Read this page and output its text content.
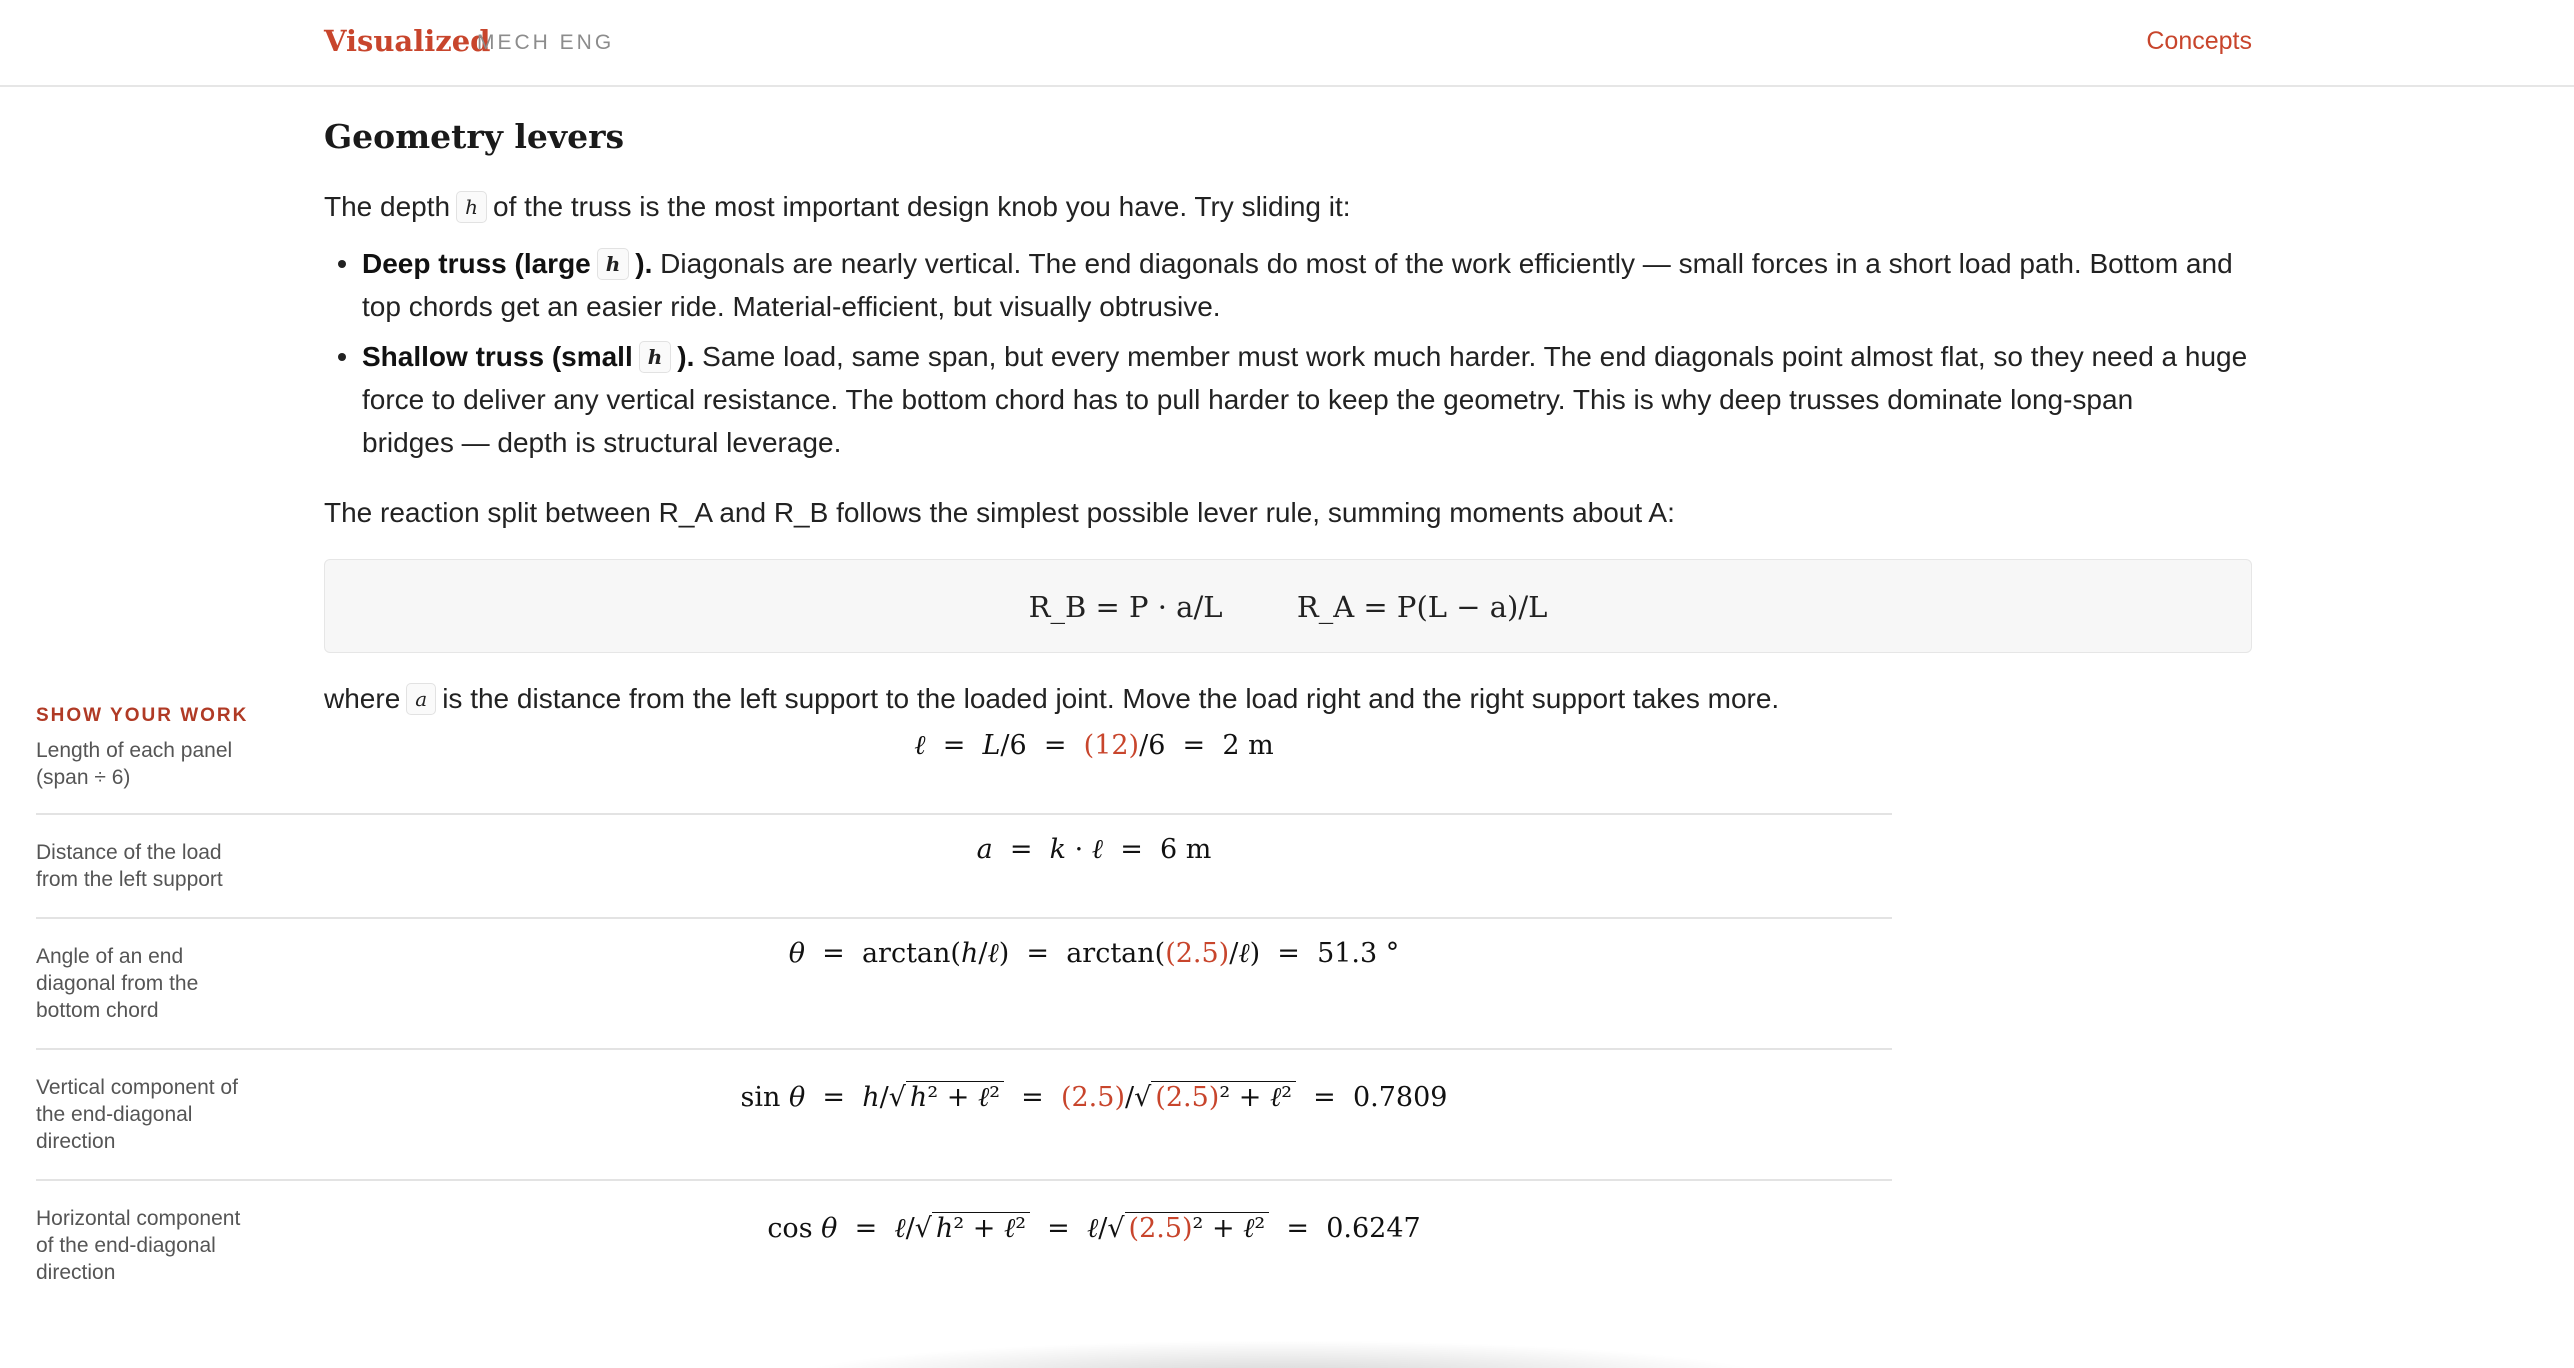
Visualized
MECH ENG	Concepts
Geometry levers
The depth h of the truss is the most important design knob you have. Try sliding it:
Deep truss (large h ). Diagonals are nearly vertical. The end diagonals do most of the work efficiently — small forces in a short load path. Bottom and
top chords get an easier ride. Material-efficient, but visually obtrusive.
Shallow truss (small h ). Same load, same span, but every member must work much harder. The end diagonals point almost flat, so they need a huge
force to deliver any vertical resistance. The bottom chord has to pull harder to keep the geometry. This is why deep trusses dominate long-span
bridges — depth is structural leverage.
The reaction split between R_A and R_B follows the simplest possible lever rule, summing moments about A:
R_B = P · a/L	R_A = P(L − a)/L
where a is the distance from the left support to the loaded joint. Move the load right and the right support takes more.
SHOW YOUR WORK
Length of each panel
(span ÷ 6)
ℓ  =  L/6  =  (12)/6  =  2 m
Distance of the load
from the left support
a  =  k · ℓ  =  6 m
Angle of an end
diagonal from the
bottom chord
θ  =  arctan(h/ℓ)  =  arctan((2.5)/ℓ)  =  51.3 °
Vertical component of
the end-diagonal
direction
sin θ  =  h/√ h² + ℓ²  =  (2.5)/√ (2.5)² + ℓ²  =  0.7809
Horizontal component
of the end-diagonal
direction
cos θ  =  ℓ/√ h² + ℓ²  =  ℓ/√ (2.5)² + ℓ²  =  0.6247
